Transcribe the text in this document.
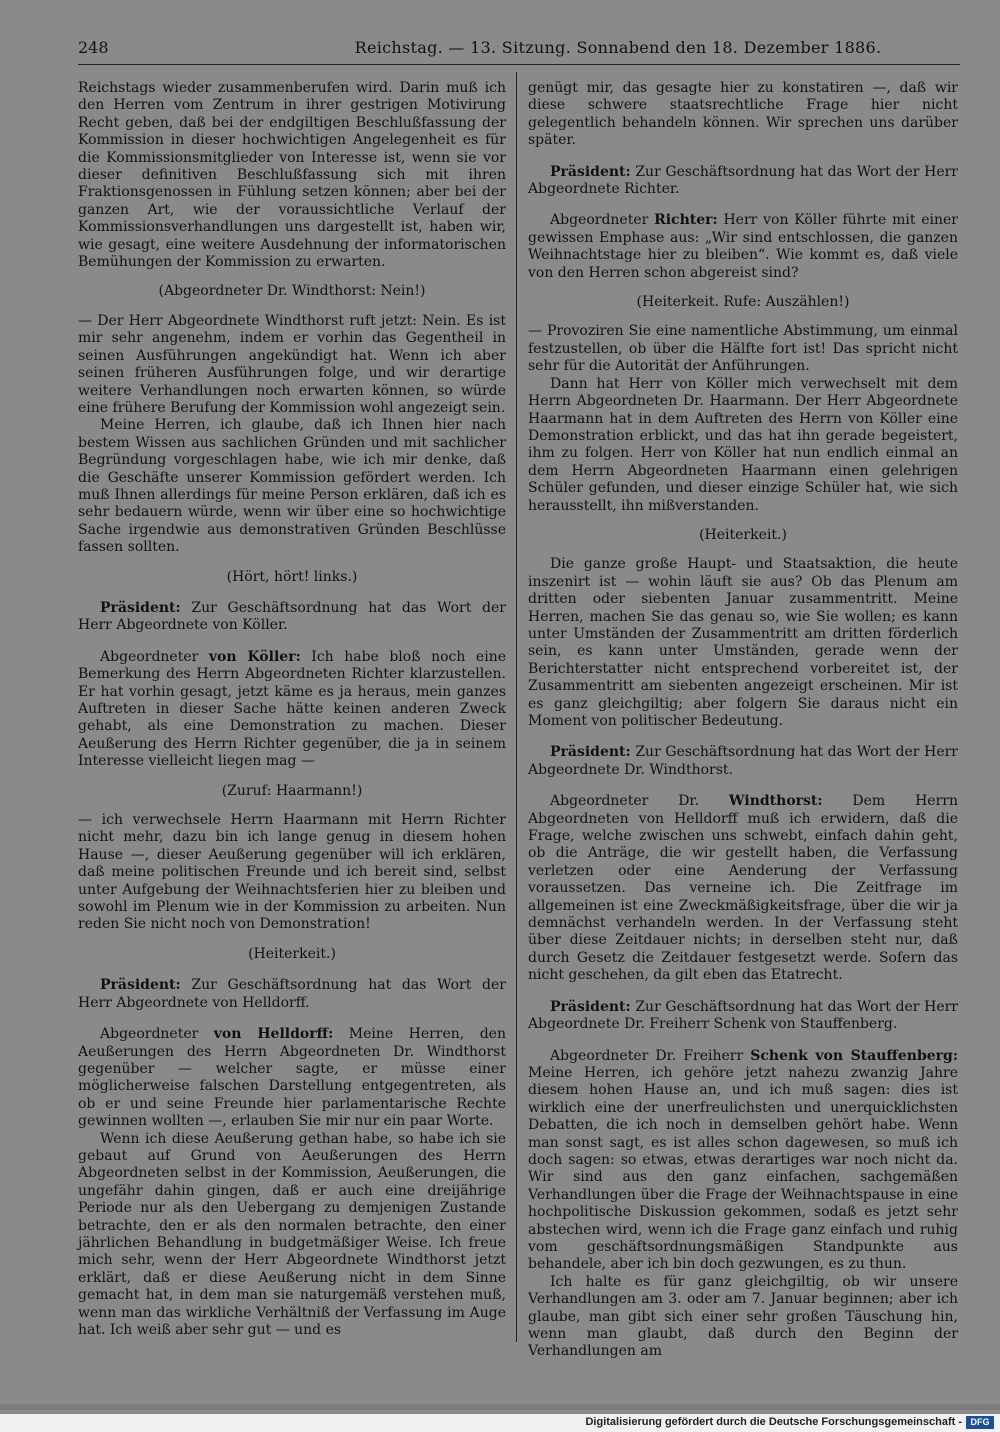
248	Reichstag. — 13. Sitzung. Sonnabend den 18. Dezember 1886.

Reichstags wieder zusammenberufen wird. Darin muß ich den Herren vom Zentrum in ihrer gestrigen Motivirung Recht geben, daß bei der endgiltigen Beschlußfassung der Kommission in dieser hochwichtigen Angelegenheit es für die Kommissionsmitglieder von Interesse ist, wenn sie vor dieser definitiven Beschlußfassung sich mit ihren Fraktionsgenossen in Fühlung setzen können; aber bei der ganzen Art, wie der voraussichtliche Verlauf der Kommissionsverhandlungen uns dargestellt ist, haben wir, wie gesagt, eine weitere Ausdehnung der informatorischen Bemühungen der Kommission zu erwarten.

(Abgeordneter Dr. Windthorst: Nein!)

— Der Herr Abgeordnete Windthorst ruft jetzt: Nein. Es ist mir sehr angenehm, indem er vorhin das Gegentheil in seinen Ausführungen angekündigt hat. Wenn ich aber seinen früheren Ausführungen folge, und wir derartige weitere Verhandlungen noch erwarten können, so würde eine frühere Berufung der Kommission wohl angezeigt sein.

Meine Herren, ich glaube, daß ich Ihnen hier nach bestem Wissen aus sachlichen Gründen und mit sachlicher Begründung vorgeschlagen habe, wie ich mir denke, daß die Geschäfte unserer Kommission gefördert werden. Ich muß Ihnen allerdings für meine Person erklären, daß ich es sehr bedauern würde, wenn wir über eine so hochwichtige Sache irgendwie aus demonstrativen Gründen Beschlüsse fassen sollten.

(Hört, hört! links.)

Präsident: Zur Geschäftsordnung hat das Wort der Herr Abgeordnete von Köller.

Abgeordneter von Köller: Ich habe bloß noch eine Bemerkung des Herrn Abgeordneten Richter klarzustellen. Er hat vorhin gesagt, jetzt käme es ja heraus, mein ganzes Auftreten in dieser Sache hätte keinen anderen Zweck gehabt, als eine Demonstration zu machen. Dieser Aeußerung des Herrn Richter gegenüber, die ja in seinem Interesse vielleicht liegen mag —

(Zuruf: Haarmann!)

— ich verwechsele Herrn Haarmann mit Herrn Richter nicht mehr, dazu bin ich lange genug in diesem hohen Hause —, dieser Aeußerung gegenüber will ich erklären, daß meine politischen Freunde und ich bereit sind, selbst unter Aufgebung der Weihnachtsferien hier zu bleiben und sowohl im Plenum wie in der Kommission zu arbeiten. Nun reden Sie nicht noch von Demonstration!

(Heiterkeit.)

Präsident: Zur Geschäftsordnung hat das Wort der Herr Abgeordnete von Helldorff.

Abgeordneter von Helldorff: Meine Herren, den Aeußerungen des Herrn Abgeordneten Dr. Windthorst gegenüber — welcher sagte, er müsse einer möglicherweise falschen Darstellung entgegentreten, als ob er und seine Freunde hier parlamentarische Rechte gewinnen wollten —, erlauben Sie mir nur ein paar Worte.

Wenn ich diese Aeußerung gethan habe, so habe ich sie gebaut auf Grund von Aeußerungen des Herrn Abgeordneten selbst in der Kommission, Aeußerungen, die ungefähr dahin gingen, daß er auch eine dreijährige Periode nur als den Uebergang zu demjenigen Zustande betrachte, den er als den normalen betrachte, den einer jährlichen Behandlung in budgetmäßiger Weise. Ich freue mich sehr, wenn der Herr Abgeordnete Windthorst jetzt erklärt, daß er diese Aeußerung nicht in dem Sinne gemacht hat, in dem man sie naturgemäß verstehen muß, wenn man das wirkliche Verhältniß der Verfassung im Auge hat. Ich weiß aber sehr gut — und es

genügt mir, das gesagte hier zu konstatiren —, daß wir diese schwere staatsrechtliche Frage hier nicht gelegentlich behandeln können. Wir sprechen uns darüber später.

Präsident: Zur Geschäftsordnung hat das Wort der Herr Abgeordnete Richter.

Abgeordneter Richter: Herr von Köller führte mit einer gewissen Emphase aus: „Wir sind entschlossen, die ganzen Weihnachtstage hier zu bleiben“. Wie kommt es, daß viele von den Herren schon abgereist sind?

(Heiterkeit. Rufe: Auszählen!)

— Provoziren Sie eine namentliche Abstimmung, um einmal festzustellen, ob über die Hälfte fort ist! Das spricht nicht sehr für die Autorität der Anführungen.

Dann hat Herr von Köller mich verwechselt mit dem Herrn Abgeordneten Dr. Haarmann. Der Herr Abgeordnete Haarmann hat in dem Auftreten des Herrn von Köller eine Demonstration erblickt, und das hat ihn gerade begeistert, ihm zu folgen. Herr von Köller hat nun endlich einmal an dem Herrn Abgeordneten Haarmann einen gelehrigen Schüler gefunden, und dieser einzige Schüler hat, wie sich herausstellt, ihn mißverstanden.

(Heiterkeit.)

Die ganze große Haupt- und Staatsaktion, die heute inszenirt ist — wohin läuft sie aus? Ob das Plenum am dritten oder siebenten Januar zusammentritt. Meine Herren, machen Sie das genau so, wie Sie wollen; es kann unter Umständen der Zusammentritt am dritten förderlich sein, es kann unter Umständen, gerade wenn der Berichterstatter nicht entsprechend vorbereitet ist, der Zusammentritt am siebenten angezeigt erscheinen. Mir ist es ganz gleichgiltig; aber folgern Sie daraus nicht ein Moment von politischer Bedeutung.

Präsident: Zur Geschäftsordnung hat das Wort der Herr Abgeordnete Dr. Windthorst.

Abgeordneter Dr. Windthorst: Dem Herrn Abgeordneten von Helldorff muß ich erwidern, daß die Frage, welche zwischen uns schwebt, einfach dahin geht, ob die Anträge, die wir gestellt haben, die Verfassung verletzen oder eine Aenderung der Verfassung voraussetzen. Das verneine ich. Die Zeitfrage im allgemeinen ist eine Zweckmäßigkeitsfrage, über die wir ja demnächst verhandeln werden. In der Verfassung steht über diese Zeitdauer nichts; in derselben steht nur, daß durch Gesetz die Zeitdauer festgesetzt werde. Sofern das nicht geschehen, da gilt eben das Etatrecht.

Präsident: Zur Geschäftsordnung hat das Wort der Herr Abgeordnete Dr. Freiherr Schenk von Stauffenberg.

Abgeordneter Dr. Freiherr Schenk von Stauffenberg: Meine Herren, ich gehöre jetzt nahezu zwanzig Jahre diesem hohen Hause an, und ich muß sagen: dies ist wirklich eine der unerfreulichsten und unerquicklichsten Debatten, die ich noch in demselben gehört habe. Wenn man sonst sagt, es ist alles schon dagewesen, so muß ich doch sagen: so etwas, etwas derartiges war noch nicht da. Wir sind aus den ganz einfachen, sachgemäßen Verhandlungen über die Frage der Weihnachtspause in eine hochpolitische Diskussion gekommen, sodaß es jetzt sehr abstechen wird, wenn ich die Frage ganz einfach und ruhig vom geschäftsordnungsmäßigen Standpunkte aus behandele, aber ich bin doch gezwungen, es zu thun.

Ich halte es für ganz gleichgiltig, ob wir unsere Verhandlungen am 3. oder am 7. Januar beginnen; aber ich glaube, man gibt sich einer sehr großen Täuschung hin, wenn man glaubt, daß durch den Beginn der Verhandlungen am

Digitalisierung gefördert durch die Deutsche Forschungsgemeinschaft - DFG
